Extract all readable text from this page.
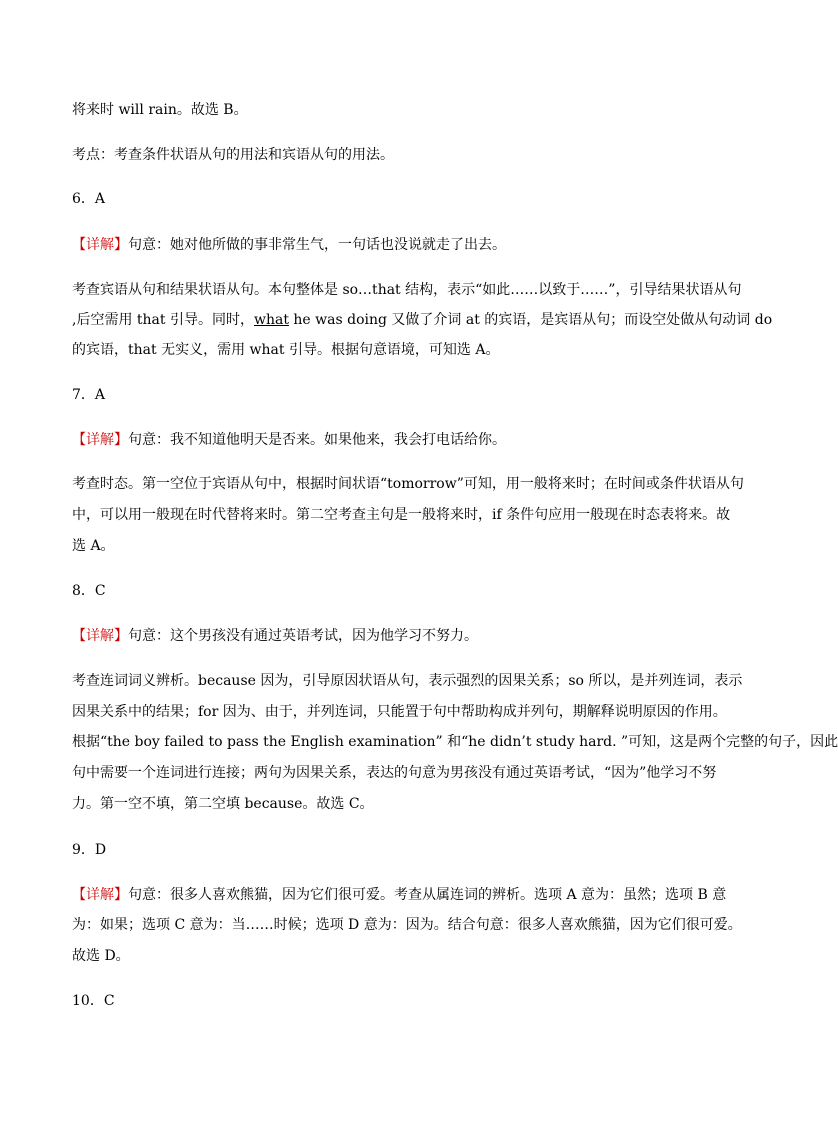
将来时 will rain。故选 B。
考点：考查条件状语从句的用法和宾语从句的用法。
6．A
【详解】句意：她对他所做的事非常生气，一句话也没说就走了出去。
考查宾语从句和结果状语从句。本句整体是 so…that 结构，表示“如此……以致于……”，引导结果状语从句
,后空需用 that 引导。同时，what he was doing 又做了介词 at 的宾语，是宾语从句；而设空处做从句动词 do
的宾语，that 无实义，需用 what 引导。根据句意语境，可知选 A。
7．A
【详解】句意：我不知道他明天是否来。如果他来，我会打电话给你。
考查时态。第一空位于宾语从句中，根据时间状语“tomorrow”可知，用一般将来时；在时间或条件状语从句
中，可以用一般现在时代替将来时。第二空考查主句是一般将来时，if 条件句应用一般现在时态表将来。故
选 A。
8．C
【详解】句意：这个男孩没有通过英语考试，因为他学习不努力。
考查连词词义辨析。because 因为，引导原因状语从句，表示强烈的因果关系；so 所以，是并列连词，表示
因果关系中的结果；for 因为、由于，并列连词，只能置于句中帮助构成并列句，期解释说明原因的作用。
根据“the boy failed to pass the English examination” 和“he didn’t study hard. ”可知，这是两个完整的句子，因此
句中需要一个连词进行连接；两句为因果关系，表达的句意为男孩没有通过英语考试，“因为”他学习不努
力。第一空不填，第二空填 because。故选 C。
9．D
【详解】句意：很多人喜欢熊猫，因为它们很可爱。考查从属连词的辨析。选项 A 意为：虽然；选项 B 意
为：如果；选项 C 意为：当……时候；选项 D 意为：因为。结合句意：很多人喜欢熊猫，因为它们很可爱。
故选 D。
10．C
